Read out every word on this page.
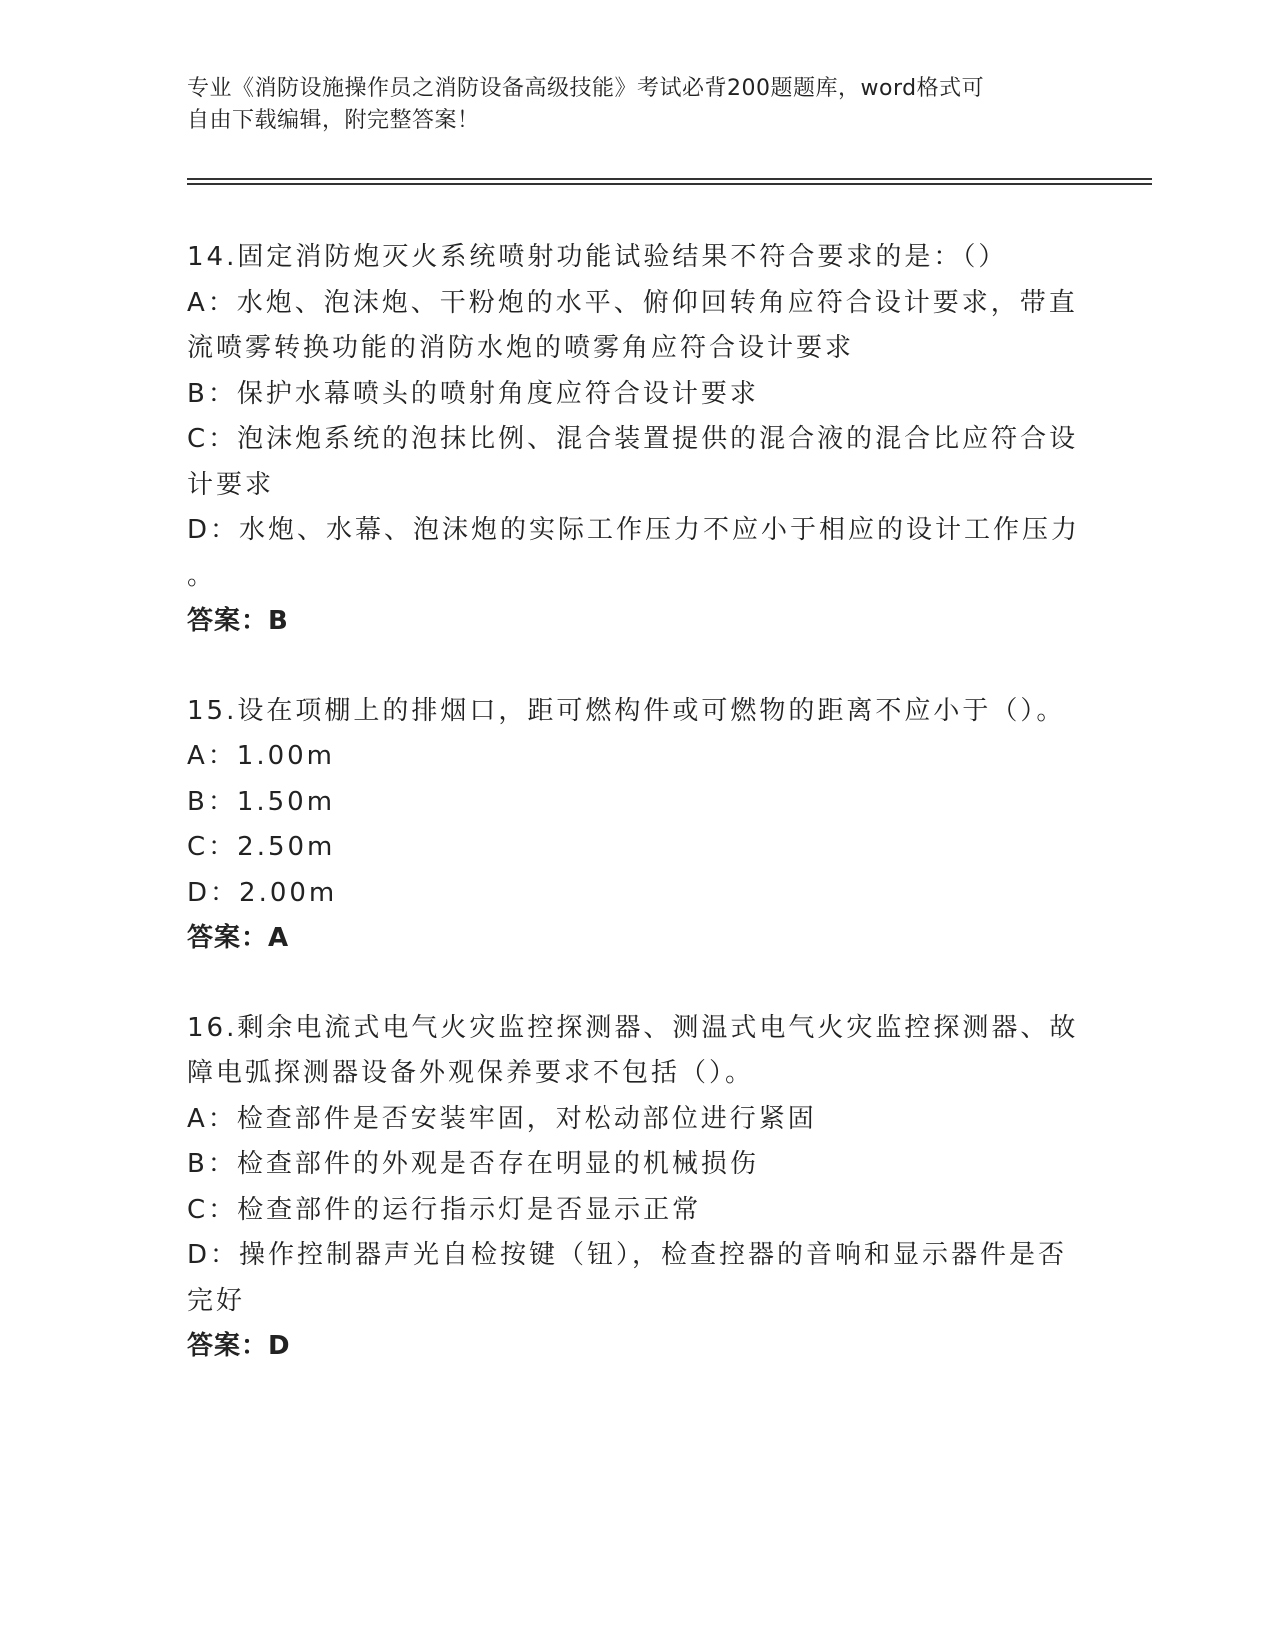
专业《消防设施操作员之消防设备高级技能》考试必背200题题库，word格式可
自由下载编辑，附完整答案！
14.固定消防炮灭火系统喷射功能试验结果不符合要求的是：（）
A：水炮、泡沫炮、干粉炮的水平、俯仰回转角应符合设计要求，带直
流喷雾转换功能的消防水炮的喷雾角应符合设计要求
B：保护水幕喷头的喷射角度应符合设计要求
C：泡沫炮系统的泡抹比例、混合装置提供的混合液的混合比应符合设
计要求
D：水炮、水幕、泡沫炮的实际工作压力不应小于相应的设计工作压力
。
答案：B
15.设在项棚上的排烟口，距可燃构件或可燃物的距离不应小于（）。
A：1.00m
B：1.50m
C：2.50m
D：2.00m
答案：A
16.剩余电流式电气火灾监控探测器、测温式电气火灾监控探测器、故
障电弧探测器设备外观保养要求不包括（）。
A：检查部件是否安装牢固，对松动部位进行紧固
B：检查部件的外观是否存在明显的机械损伤
C：检查部件的运行指示灯是否显示正常
D：操作控制器声光自检按键（钮），检查控器的音响和显示器件是否
完好
答案：D
